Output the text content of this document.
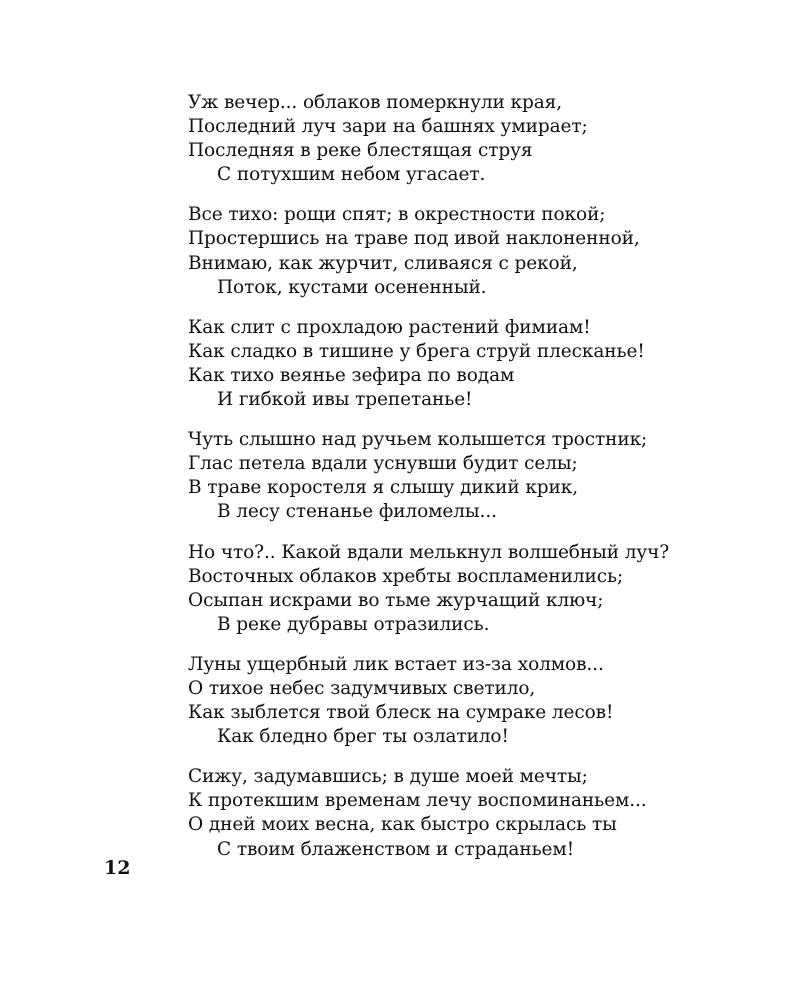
Уж вечер... облаков померкнули края,
Последний луч зари на башнях умирает;
Последняя в реке блестящая струя
С потухшим небом угасает.
Все тихо: рощи спят; в окрестности покой;
Простершись на траве под ивой наклоненной,
Внимаю, как журчит, сливаяся с рекой,
Поток, кустами осененный.
Как слит с прохладою растений фимиам!
Как сладко в тишине у брега струй плесканье!
Как тихо веянье зефира по водам
И гибкой ивы трепетанье!
Чуть слышно над ручьем колышется тростник;
Глас петела вдали уснувши будит селы;
В траве коростеля я слышу дикий крик,
В лесу стенанье филомелы...
Но что?.. Какой вдали мелькнул волшебный луч?
Восточных облаков хребты воспламенились;
Осыпан искрами во тьме журчащий ключ;
В реке дубравы отразились.
Луны ущербный лик встает из-за холмов...
О тихое небес задумчивых светило,
Как зыблется твой блеск на сумраке лесов!
Как бледно брег ты озлатило!
Сижу, задумавшись; в душе моей мечты;
К протекшим временам лечу воспоминаньем...
О дней моих весна, как быстро скрылась ты
С твоим блаженством и страданьем!
12
